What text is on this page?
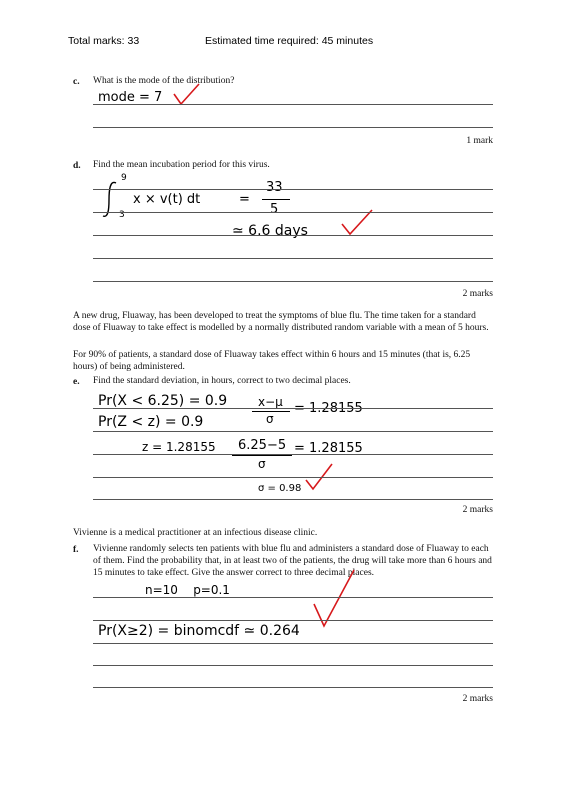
Total marks: 33	Estimated time required: 45 minutes
c. What is the mode of the distribution?
mode = 7
1 mark
d. Find the mean incubation period for this virus.
9
3
x × v(t) dt	=
33
5
≃ 6.6 days
2 marks
A new drug, Fluaway, has been developed to treat the symptoms of blue flu. The time taken for a standard dose of Fluaway to take effect is modelled by a normally distributed random variable with a mean of 5 hours.
For 90% of patients, a standard dose of Fluaway takes effect within 6 hours and 15 minutes (that is, 6.25 hours) of being administered.
e. Find the standard deviation, in hours, correct to two decimal places.
Pr(X < 6.25) = 0.9
Pr(Z < z) = 0.9
z = 1.28155
x−μ
σ
= 1.28155
6.25−5
σ
= 1.28155
σ = 0.98
2 marks
Vivienne is a medical practitioner at an infectious disease clinic.
f. Vivienne randomly selects ten patients with blue flu and administers a standard dose of Fluaway to each of them. Find the probability that, in at least two of the patients, the drug will take more than 6 hours and 15 minutes to take effect. Give the answer correct to three decimal places.
n=10    p=0.1
Pr(X≥2) = binomcdf ≃ 0.264
2 marks
